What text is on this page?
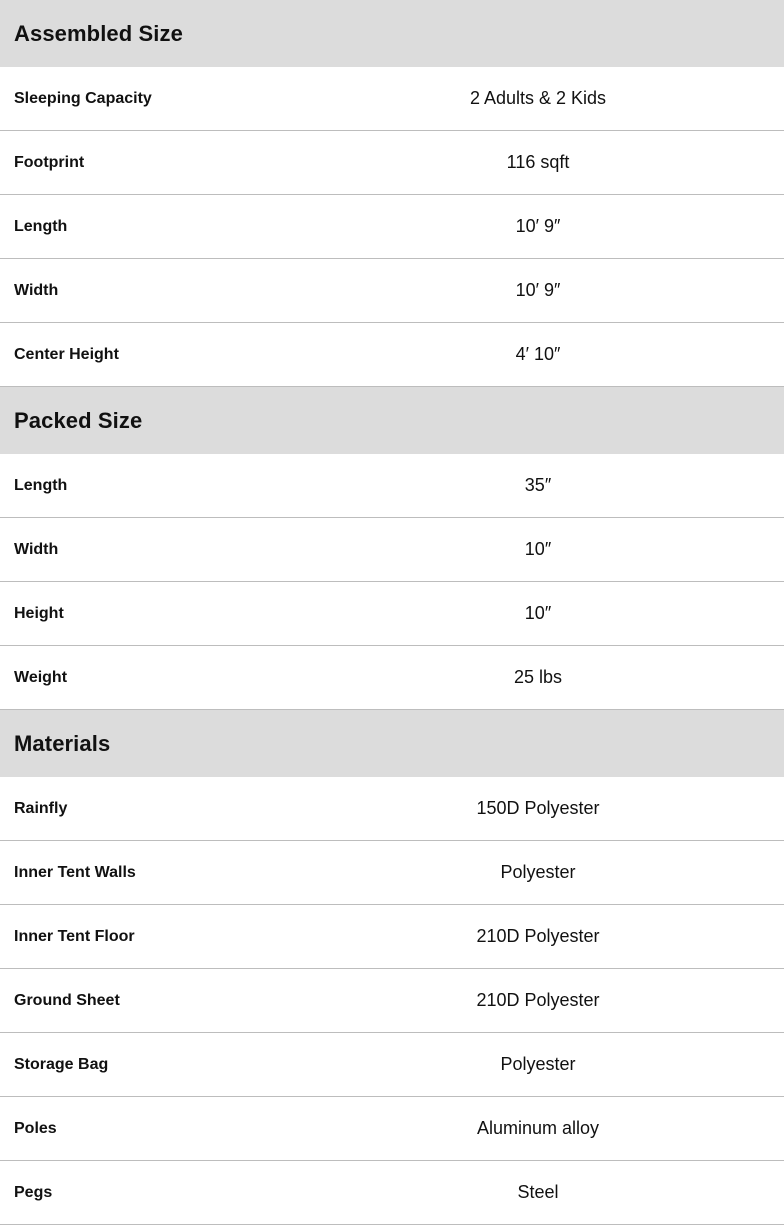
Assembled Size
Sleeping Capacity	2 Adults & 2 Kids
Footprint	116 sqft
Length	10′ 9″
Width	10′ 9″
Center Height	4′ 10″
Packed Size
Length	35″
Width	10″
Height	10″
Weight	25 lbs
Materials
Rainfly	150D Polyester
Inner Tent Walls	Polyester
Inner Tent Floor	210D Polyester
Ground Sheet	210D Polyester
Storage Bag	Polyester
Poles	Aluminum alloy
Pegs	Steel
